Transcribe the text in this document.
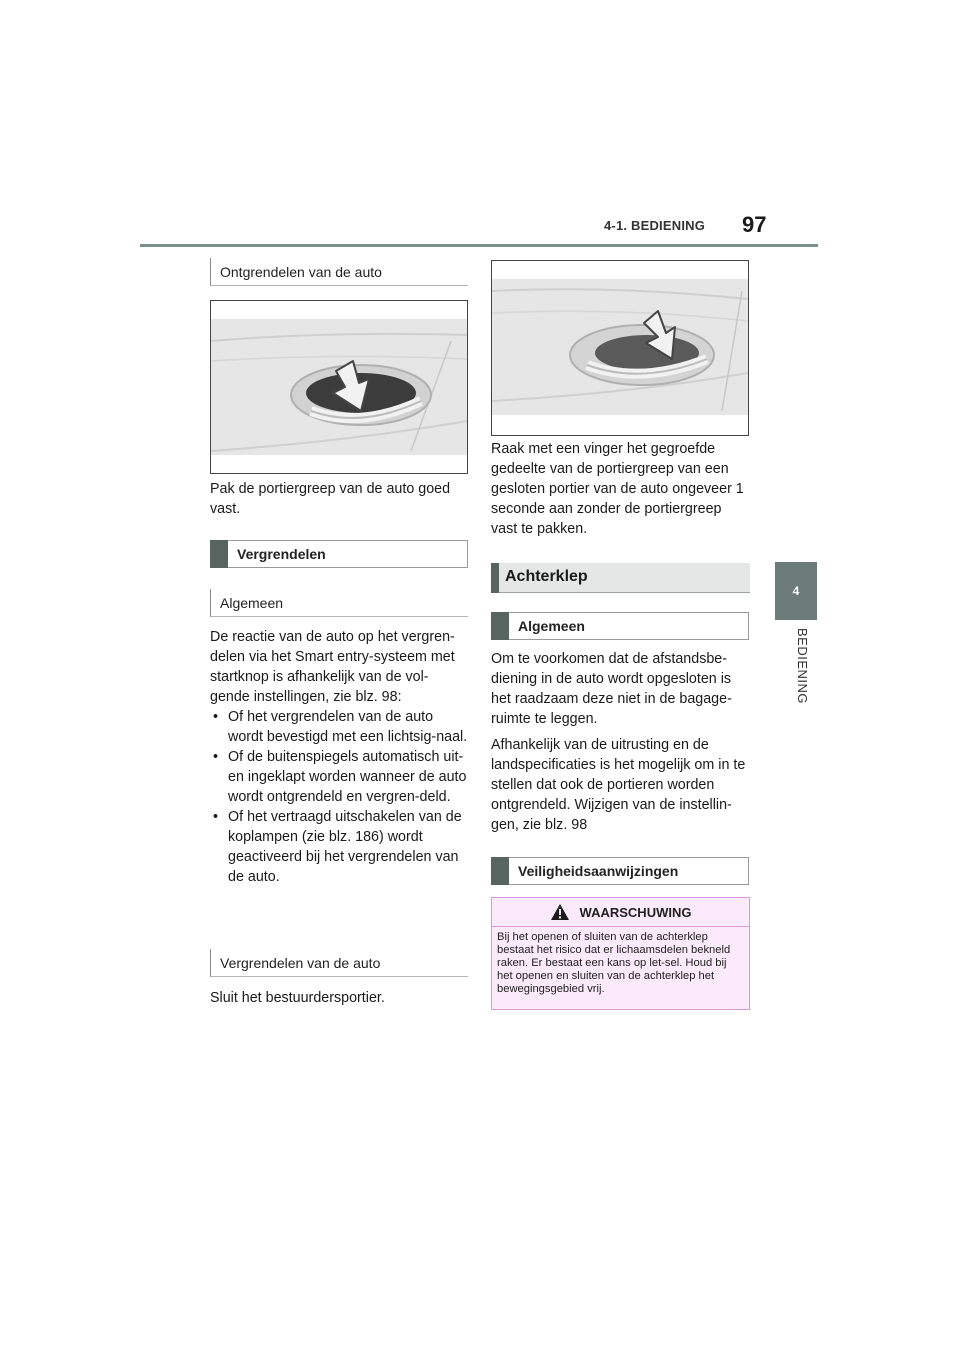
4-1. BEDIENING 97
4
BEDIENING
Ontgrendelen van de auto
Pak de portiergreep van de auto goed vast.
Vergrendelen
Algemeen
De reactie van de auto op het vergren-delen via het Smart entry-systeem met startknop is afhankelijk van de vol-gende instellingen, zie blz. 98:
• Of het vergrendelen van de auto wordt bevestigd met een lichtsig-naal.
• Of de buitenspiegels automatisch uit- en ingeklapt worden wanneer de auto wordt ontgrendeld en vergren-deld.
• Of het vertraagd uitschakelen van de koplampen (zie blz. 186) wordt geactiveerd bij het vergrendelen van de auto.
Vergrendelen van de auto
Sluit het bestuurdersportier.
Raak met een vinger het gegroefde gedeelte van de portiergreep van een gesloten portier van de auto ongeveer 1 seconde aan zonder de portiergreep vast te pakken.
Achterklep
Algemeen
Om te voorkomen dat de afstandsbe-diening in de auto wordt opgesloten is het raadzaam deze niet in de bagage-ruimte te leggen.
Afhankelijk van de uitrusting en de landspecificaties is het mogelijk om in te stellen dat ook de portieren worden ontgrendeld. Wijzigen van de instellin-gen, zie blz. 98
Veiligheidsaanwijzingen
WAARSCHUWING
Bij het openen of sluiten van de achterklep bestaat het risico dat er lichaamsdelen bekneld raken. Er bestaat een kans op let-sel. Houd bij het openen en sluiten van de achterklep het bewegingsgebied vrij.
